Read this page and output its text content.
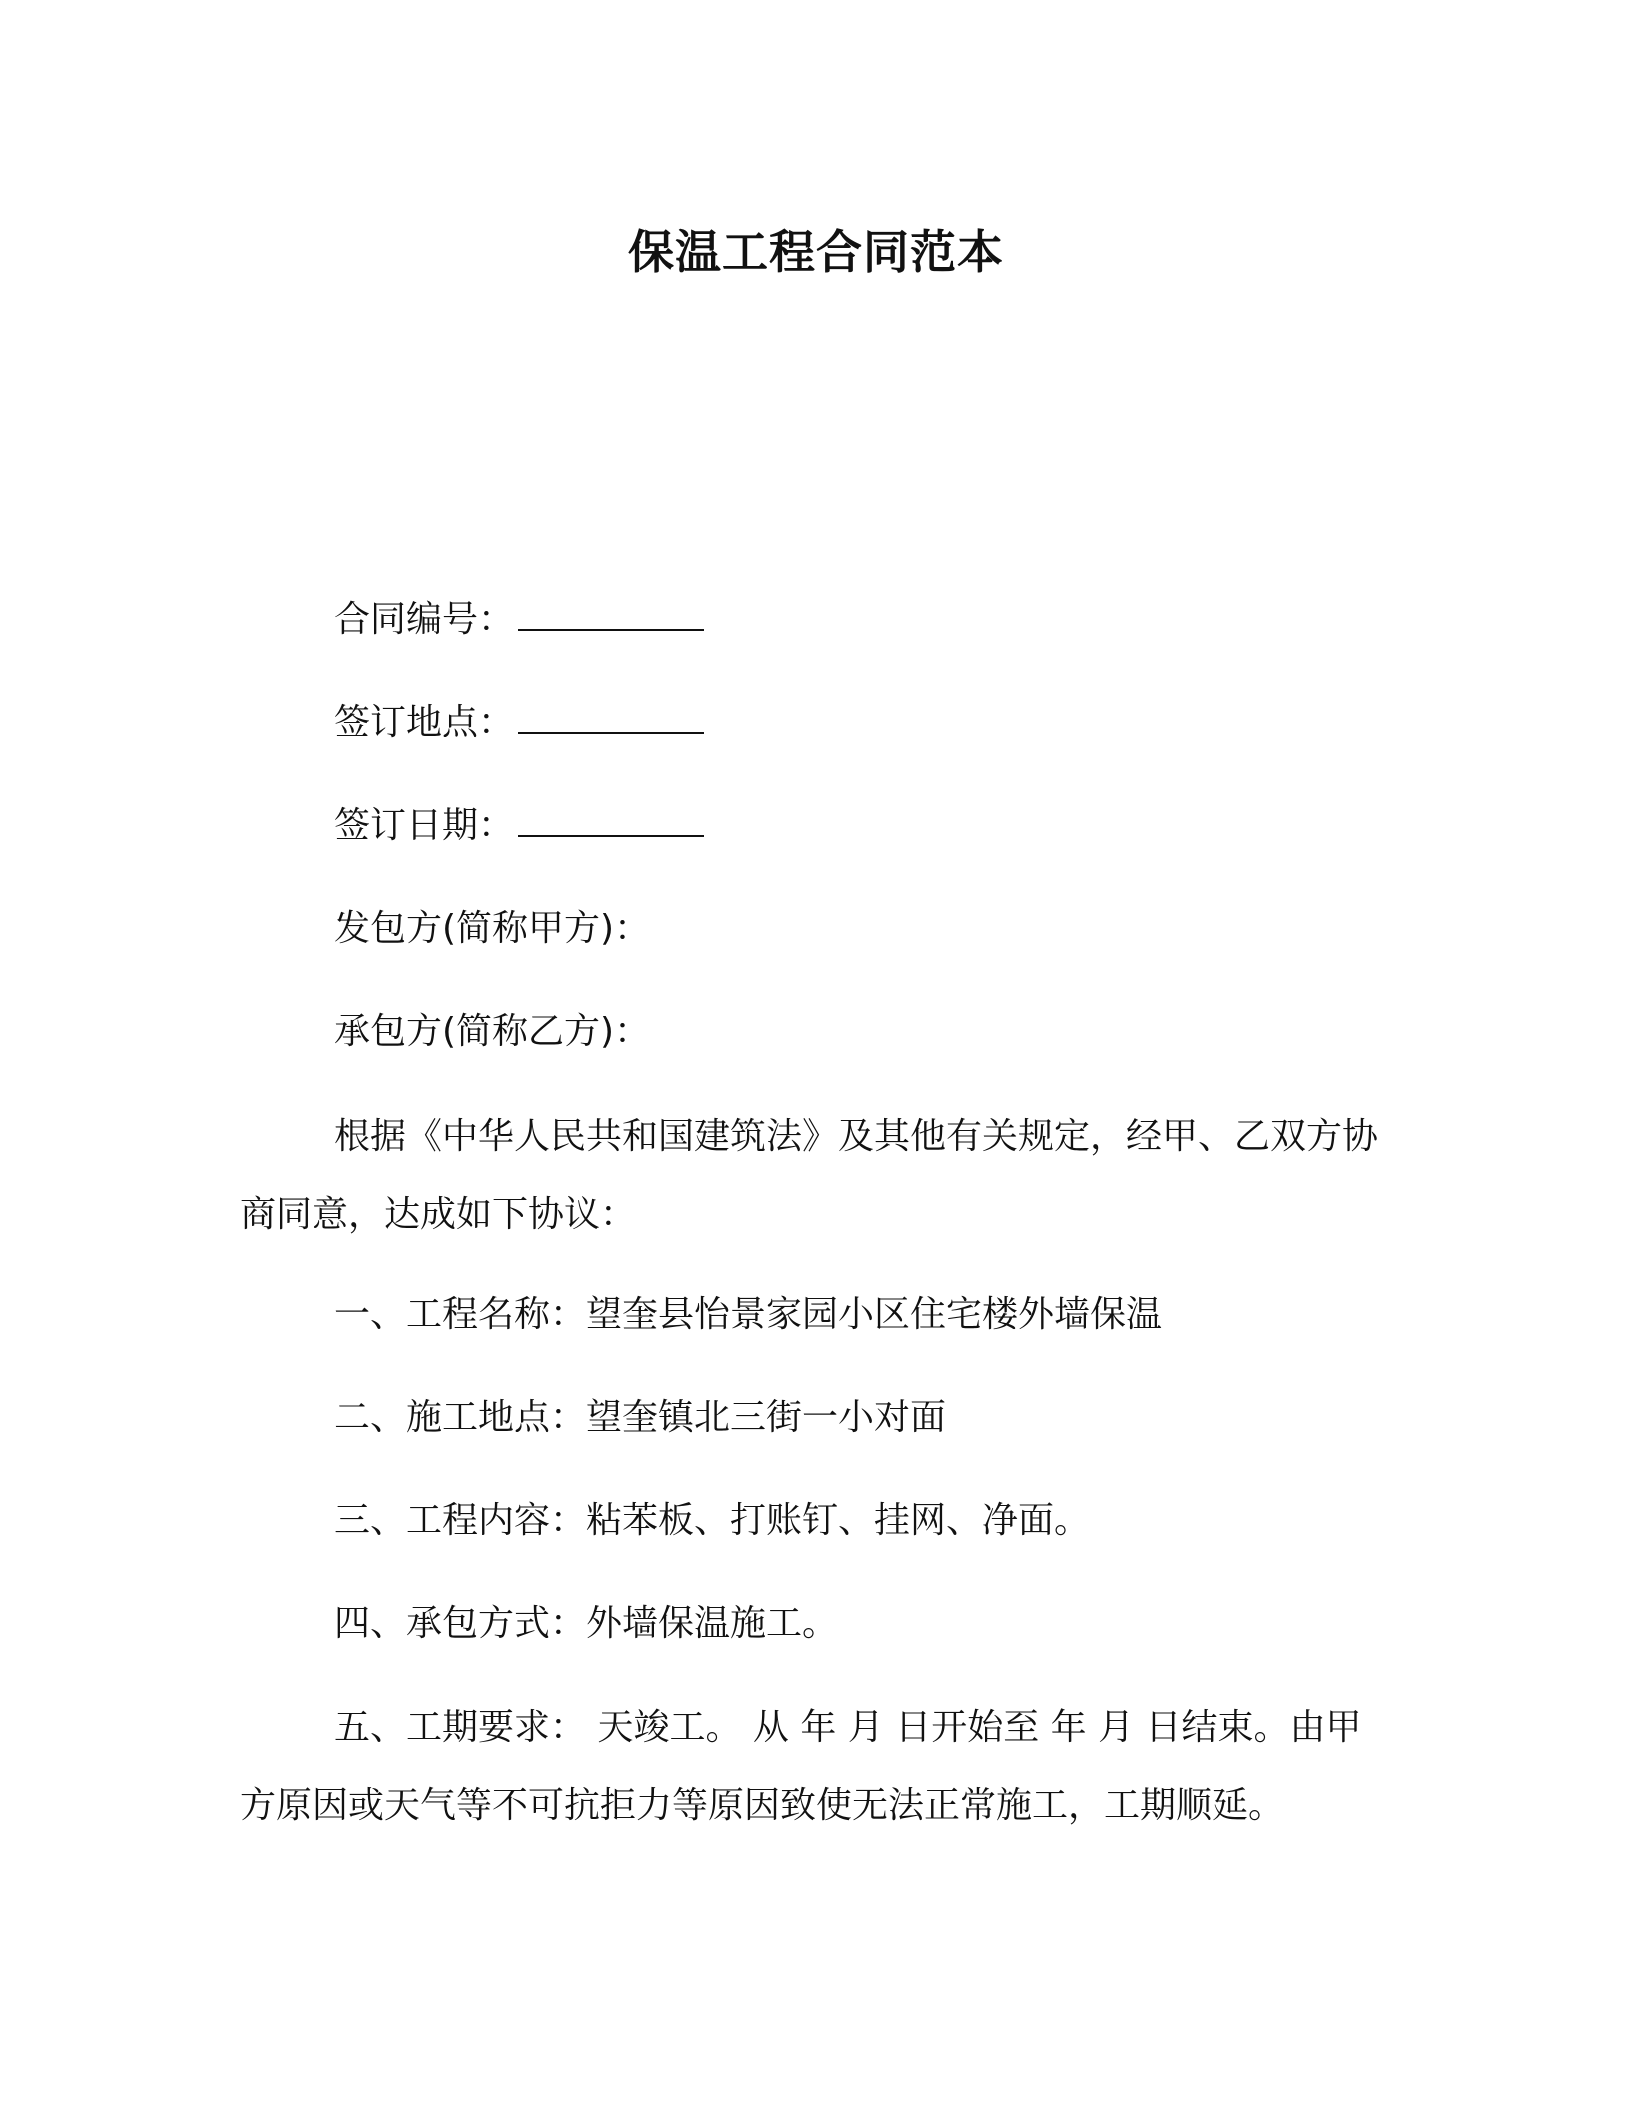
保温工程合同范本
合同编号：
签订地点：
签订日期：
发包方(简称甲方)：
承包方(简称乙方)：
根据《中华人民共和国建筑法》及其他有关规定，经甲、乙双方协商同意，达成如下协议：
一、工程名称：望奎县怡景家园小区住宅楼外墙保温
二、施工地点：望奎镇北三街一小对面
三、工程内容：粘苯板、打账钉、挂网、净面。
四、承包方式：外墙保温施工。
五、工期要求： 天竣工。 从 年 月 日开始至 年 月 日结束。由甲方原因或天气等不可抗拒力等原因致使无法正常施工，工期顺延。
